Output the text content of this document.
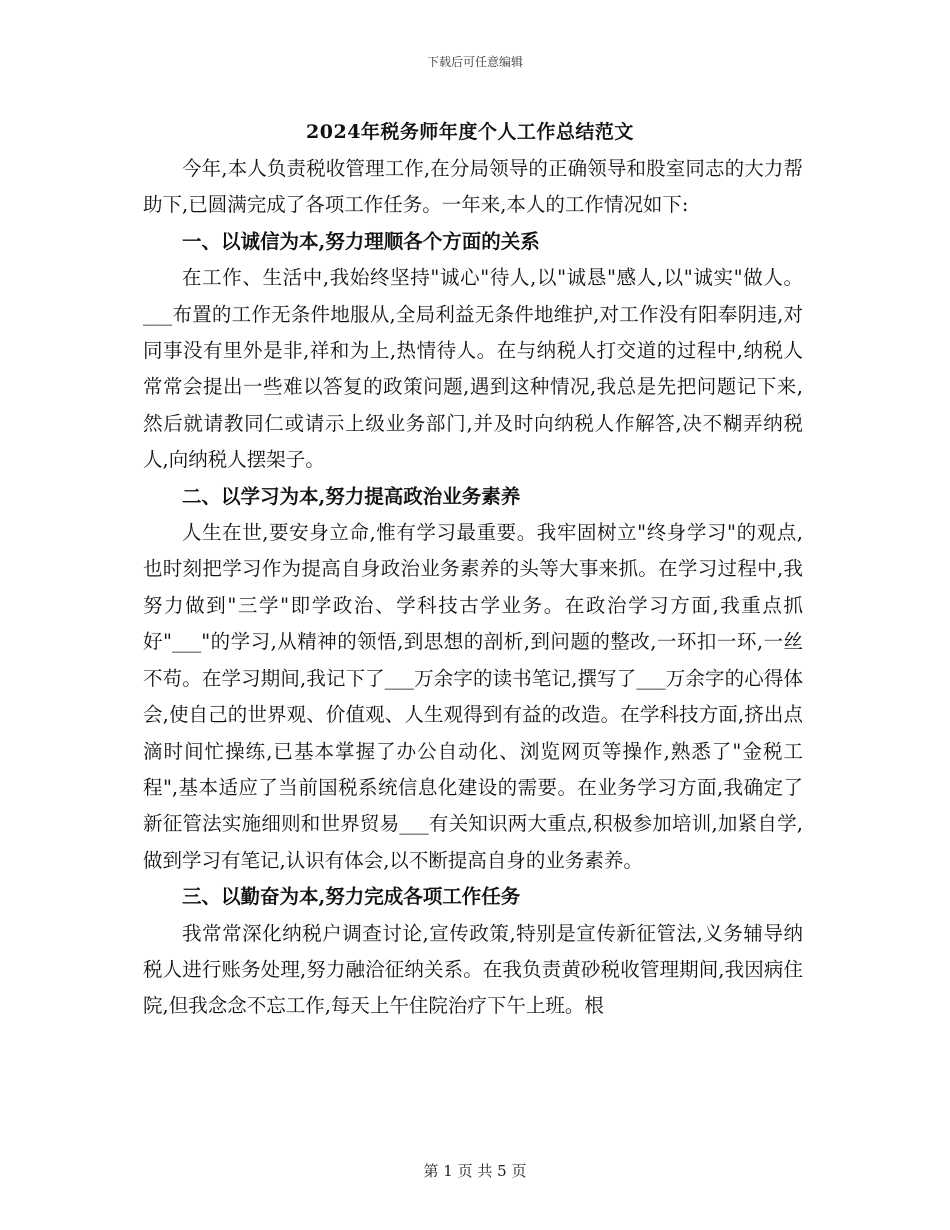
下载后可任意编辑
2024年税务师年度个人工作总结范文

今年,本人负责税收管理工作,在分局领导的正确领导和股室同志的大力帮助下,已圆满完成了各项工作任务。一年来,本人的工作情况如下:

一、以诚信为本,努力理顺各个方面的关系

在工作、生活中,我始终坚持"诚心"待人,以"诚恳"感人,以"诚实"做人。___布置的工作无条件地服从,全局利益无条件地维护,对工作没有阳奉阴违,对同事没有里外是非,祥和为上,热情待人。在与纳税人打交道的过程中,纳税人常常会提出一些难以答复的政策问题,遇到这种情况,我总是先把问题记下来,然后就请教同仁或请示上级业务部门,并及时向纳税人作解答,决不糊弄纳税人,向纳税人摆架子。

二、以学习为本,努力提高政治业务素养

人生在世,要安身立命,惟有学习最重要。我牢固树立"终身学习"的观点,也时刻把学习作为提高自身政治业务素养的头等大事来抓。在学习过程中,我努力做到"三学"即学政治、学科技古学业务。在政治学习方面,我重点抓好"___"的学习,从精神的领悟,到思想的剖析,到问题的整改,一环扣一环,一丝不苟。在学习期间,我记下了___万余字的读书笔记,撰写了___万余字的心得体会,使自己的世界观、价值观、人生观得到有益的改造。在学科技方面,挤出点滴时间忙操练,已基本掌握了办公自动化、浏览网页等操作,熟悉了"金税工程",基本适应了当前国税系统信息化建设的需要。在业务学习方面,我确定了新征管法实施细则和世界贸易___有关知识两大重点,积极参加培训,加紧自学,做到学习有笔记,认识有体会,以不断提高自身的业务素养。

三、以勤奋为本,努力完成各项工作任务

我常常深化纳税户调查讨论,宣传政策,特别是宣传新征管法,义务辅导纳税人进行账务处理,努力融洽征纳关系。在我负责黄砂税收管理期间,我因病住院,但我念念不忘工作,每天上午住院治疗下午上班。根

第 1 页 共 5 页
